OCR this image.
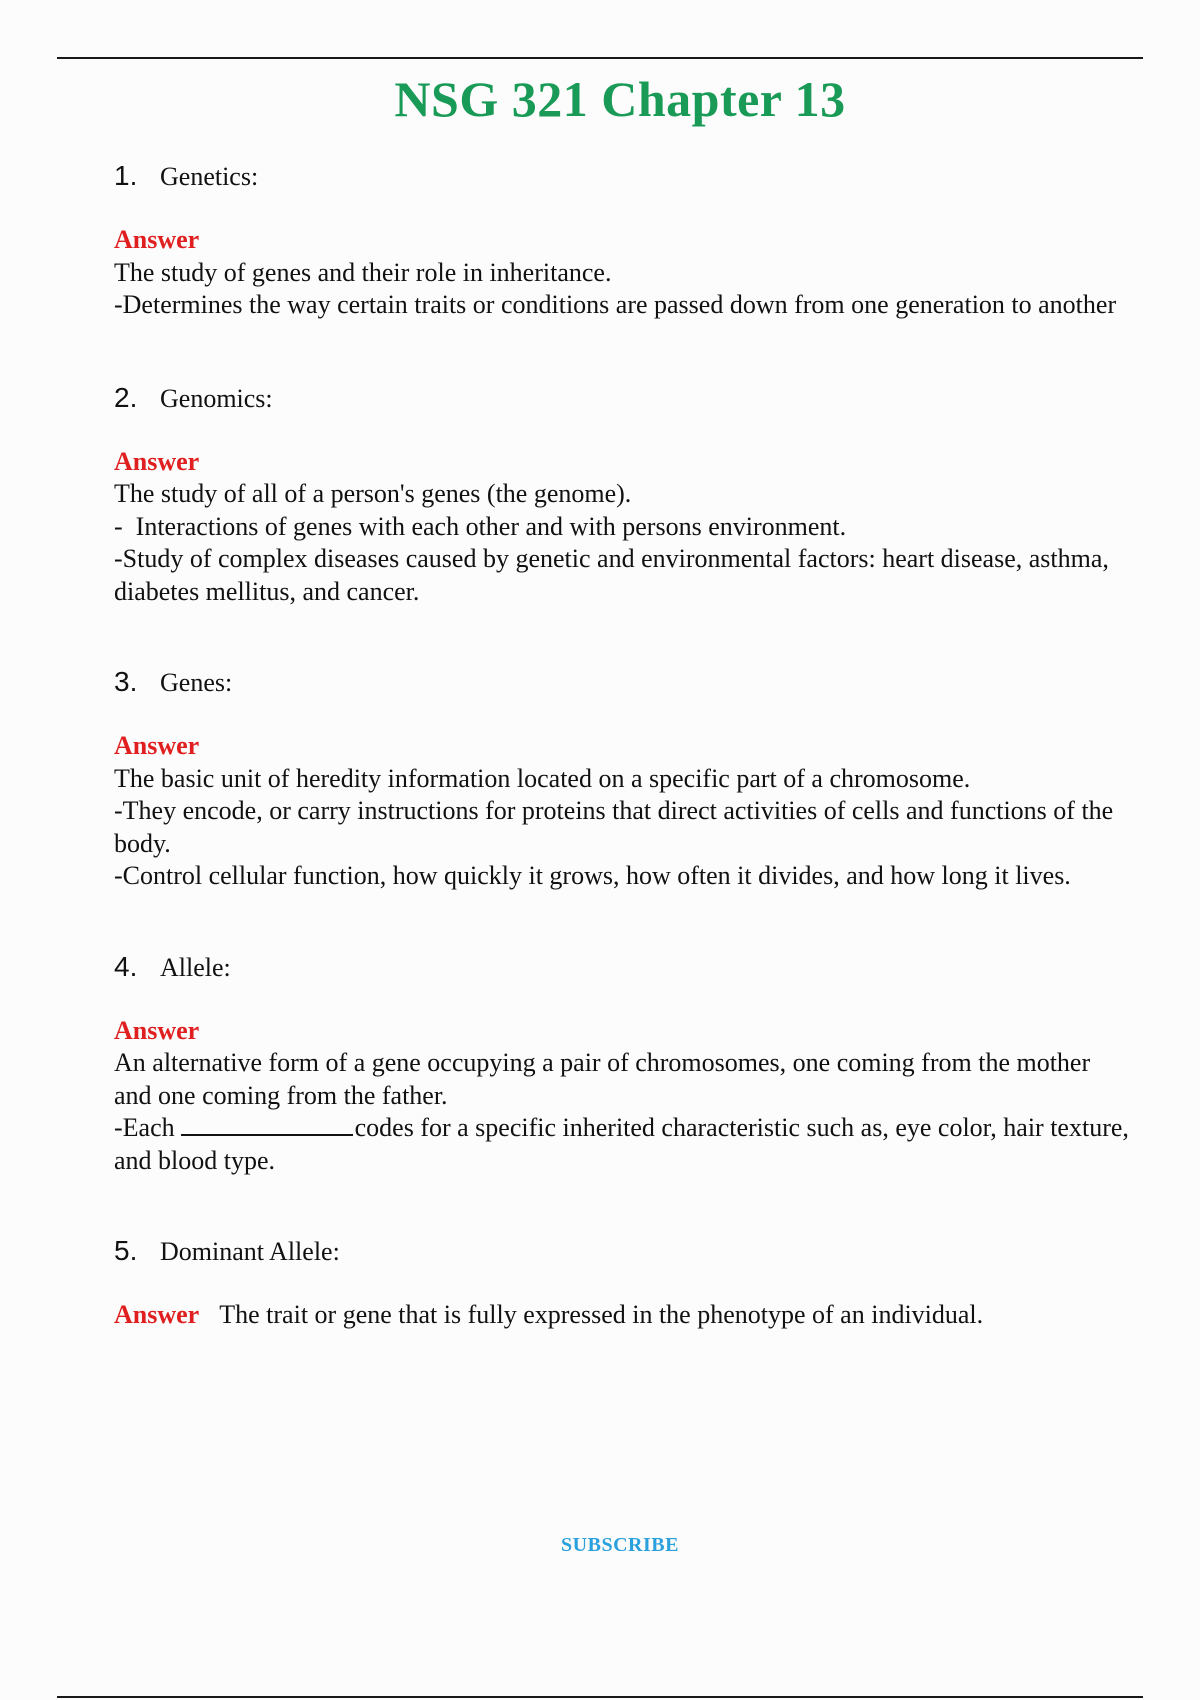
NSG 321 Chapter 13
1. Genetics:

Answer

The study of genes and their role in inheritance.

-Determines the way certain traits or conditions are passed down from one generation to another

2. Genomics:

Answer

The study of all of a person's genes (the genome).

-  Interactions of genes with each other and with persons environment.

-Study of complex diseases caused by genetic and environmental factors: heart disease, asthma, diabetes mellitus, and cancer.

3. Genes:

Answer

The basic unit of heredity information located on a specific part of a chromosome.

-They encode, or carry instructions for proteins that direct activities of cells and functions of the body.

-Control cellular function, how quickly it grows, how often it divides, and how long it lives.

4. Allele:

Answer

An alternative form of a gene occupying a pair of chromosomes, one coming from the mother and one coming from the father.

-Each	codes for a specific inherited characteristic such as, eye color, hair texture, and blood type.

5. Dominant Allele:
Answer The trait or gene that is fully expressed in the phenotype of an individual.
SUBSCRIBE
